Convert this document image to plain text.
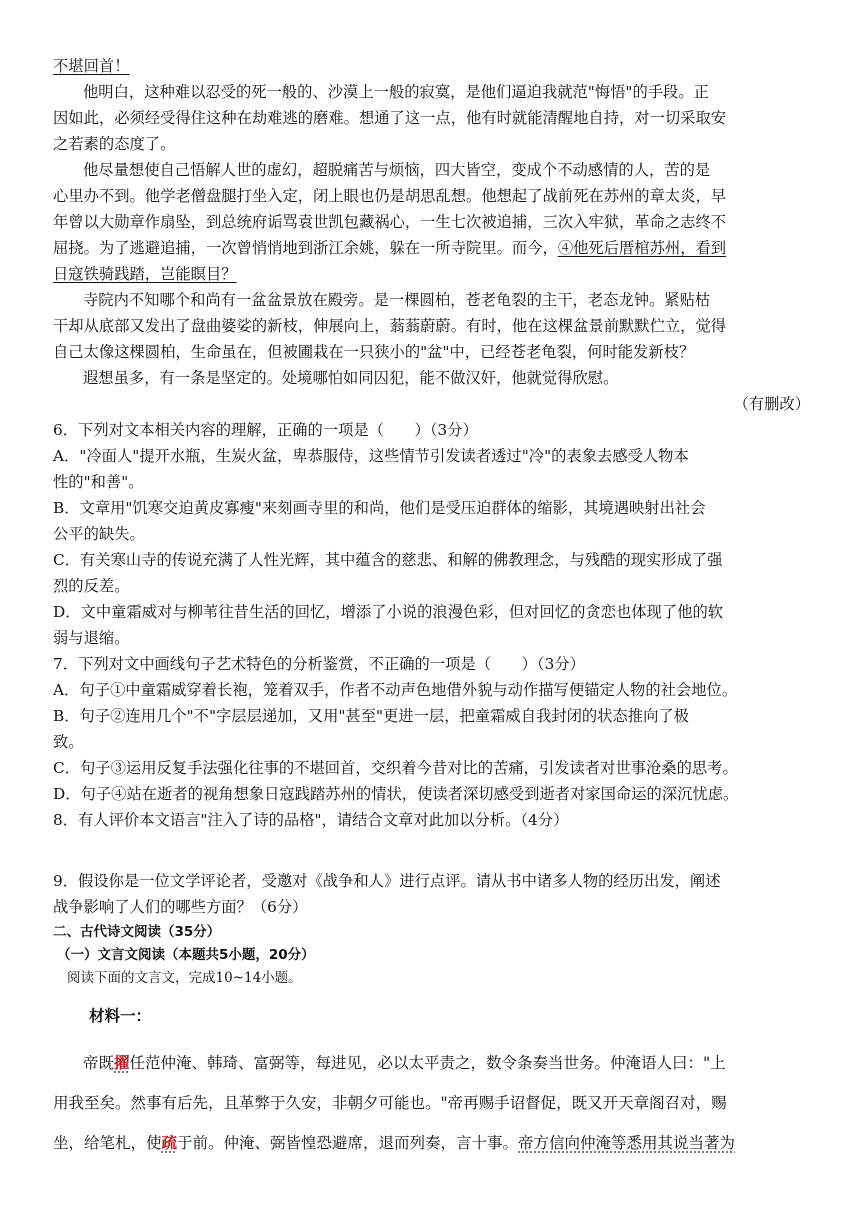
不堪回首！
他明白，这种难以忍受的死一般的、沙漠上一般的寂寞，是他们逼迫我就范"悔悟"的手段。正
因如此，必须经受得住这种在劫难逃的磨难。想通了这一点，他有时就能清醒地自持，对一切采取安
之若素的态度了。
他尽量想使自己悟解人世的虚幻，超脱痛苦与烦恼，四大皆空，变成个不动感情的人，苦的是
心里办不到。他学老僧盘腿打坐入定，闭上眼也仍是胡思乱想。他想起了战前死在苏州的章太炎，早
年曾以大勋章作扇坠，到总统府诟骂袁世凯包藏祸心，一生七次被追捕，三次入牢狱，革命之志终不
屈挠。为了逃避追捕，一次曾悄悄地到浙江余姚，躲在一所寺院里。而今，④他死后厝棺苏州，看到
日寇铁骑践踏，岂能瞑目？
寺院内不知哪个和尚有一盆盆景放在殿旁。是一棵圆柏，苍老龟裂的主干，老态龙钟。紧贴枯
干却从底部又发出了盘曲婆娑的新枝，伸展向上，蓊蓊蔚蔚。有时，他在这棵盆景前默默伫立，觉得
自己太像这棵圆柏，生命虽在，但被圃栽在一只狭小的"盆"中，已经苍老龟裂，何时能发新枝？
遐想虽多，有一条是坚定的。处境哪怕如同囚犯，能不做汉奸，他就觉得欣慰。
（有删改）
6．下列对文本相关内容的理解，正确的一项是（　　）（3分）
A．"冷面人"提开水瓶，生炭火盆，卑恭服侍，这些情节引发读者透过"冷"的表象去感受人物本
性的"和善"。
B．文章用"饥寒交迫黄皮寡瘦"来刻画寺里的和尚，他们是受压迫群体的缩影，其境遇映射出社会
公平的缺失。
C．有关寒山寺的传说充满了人性光辉，其中蕴含的慈悲、和解的佛教理念，与残酷的现实形成了强
烈的反差。
D．文中童霜威对与柳苇往昔生活的回忆，增添了小说的浪漫色彩，但对回忆的贪恋也体现了他的软
弱与退缩。
7．下列对文中画线句子艺术特色的分析鉴赏，不正确的一项是（　　）（3分）
A．句子①中童霜威穿着长袍，笼着双手，作者不动声色地借外貌与动作描写便锚定人物的社会地位。
B．句子②连用几个"不"字层层递加，又用"甚至"更进一层，把童霜威自我封闭的状态推向了极
致。
C．句子③运用反复手法强化往事的不堪回首，交织着今昔对比的苦痛，引发读者对世事沧桑的思考。
D．句子④站在逝者的视角想象日寇践踏苏州的情状，使读者深切感受到逝者对家国命运的深沉忧虑。
8．有人评价本文语言"注入了诗的品格"，请结合文章对此加以分析。（4分）
9．假设你是一位文学评论者，受邀对《战争和人》进行点评。请从书中诸多人物的经历出发，阐述
战争影响了人们的哪些方面？（6分）
二、古代诗文阅读（35分）
（一）文言文阅读（本题共5小题，20分）
阅读下面的文言文，完成10~14小题。
材料一：
帝既擢任范仲淹、韩琦、富弼等，每进见，必以太平责之，数令条奏当世务。仲淹语人曰："上
用我至矣。然事有后先，且革弊于久安，非朝夕可能也。"帝再赐手诏督促，既又开天章阁召对，赐
坐，给笔札，使疏于前。仲淹、弼皆惶恐避席，退而列奏，言十事。帝方信向仲淹等悉用其说当著为
